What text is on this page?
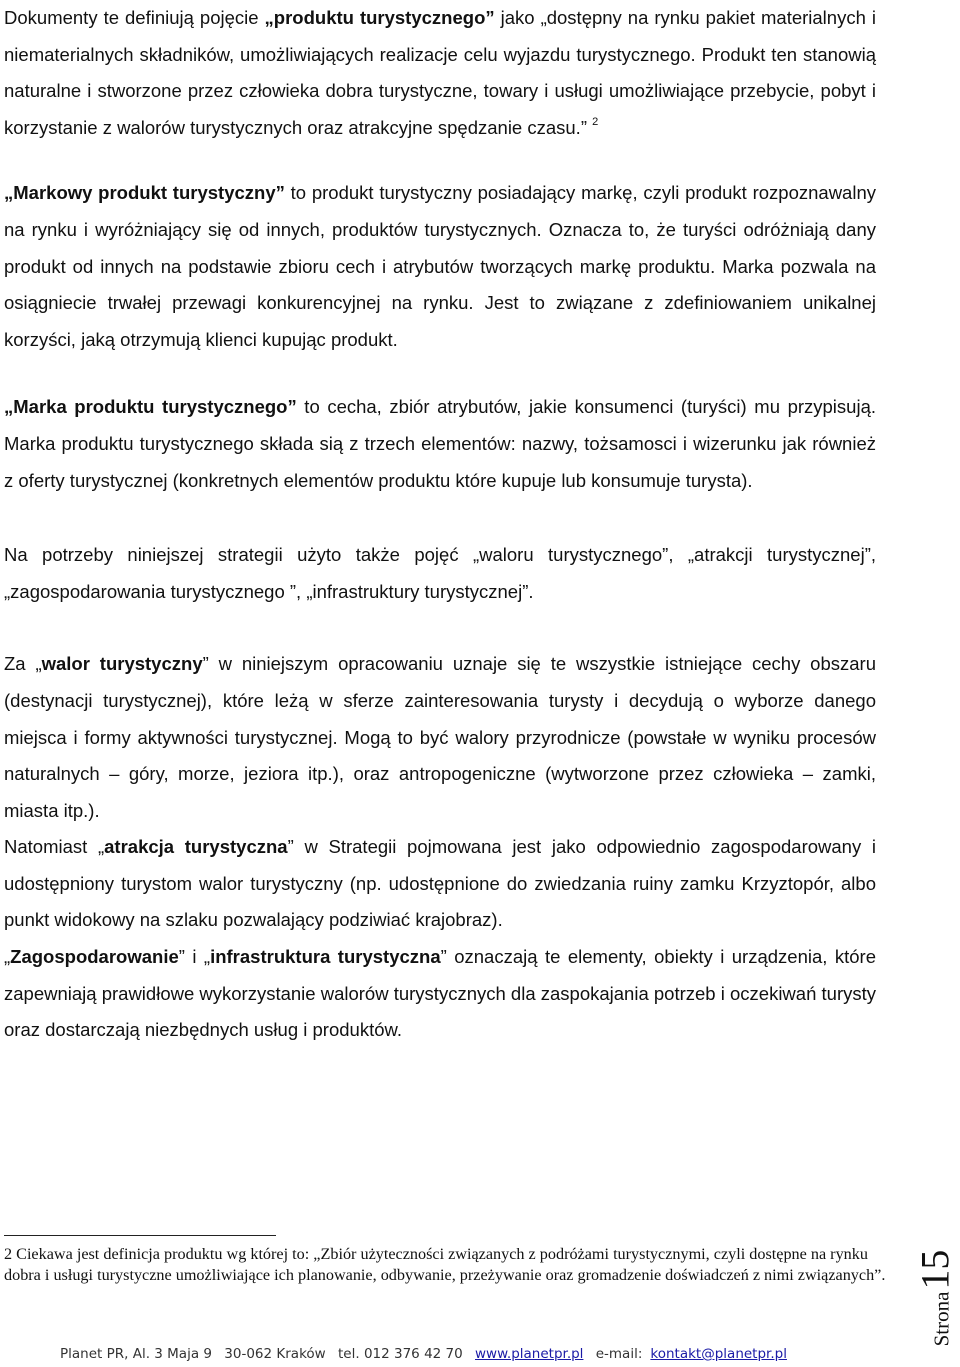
Dokumenty te definiują pojęcie „produktu turystycznego” jako „dostępny na rynku pakiet materialnych i niematerialnych składników, umożliwiających realizacje celu wyjazdu turystycznego. Produkt ten stanowią naturalne i stworzone przez człowieka dobra turystyczne, towary i usługi umożliwiające przebycie, pobyt i korzystanie z walorów turystycznych oraz atrakcyjne spędzanie czasu.” $^2$

„Markowy produkt turystyczny” to produkt turystyczny posiadający markę, czyli produkt rozpoznawalny na rynku i wyróżniający się od innych, produktów turystycznych. Oznacza to, że turyści odróżniają dany produkt od innych na podstawie zbioru cech i atrybutów tworzących markę produktu. Marka pozwala na osiągniecie trwałej przewagi konkurencyjnej na rynku. Jest to związane z zdefiniowaniem unikalnej korzyści, jaką otrzymują klienci kupując produkt.

„Marka produktu turystycznego” to cecha, zbiór atrybutów, jakie konsumenci (turyści) mu przypisują. Marka produktu turystycznego składa sią z trzech elementów: nazwy, tożsamosci i wizerunku jak również z oferty turystycznej (konkretnych elementów produktu które kupuje lub konsumuje turysta).

Na potrzeby niniejszej strategii użyto także pojęć „waloru turystycznego”, „atrakcji turystycznej”, „zagospodarowania turystycznego ”, „infrastruktury turystycznej”.

Za „walor turystyczny” w niniejszym opracowaniu uznaje się te wszystkie istniejące cechy obszaru (destynacji turystycznej), które leżą w sferze zainteresowania turysty i decydują o wyborze danego miejsca i formy aktywności turystycznej. Mogą to być walory przyrodnicze (powstałe w wyniku procesów naturalnych – góry, morze, jeziora itp.), oraz antropogeniczne (wytworzone przez człowieka – zamki, miasta itp.).

Natomiast „atrakcja turystyczna” w Strategii pojmowana jest jako odpowiednio zagospodarowany i udostępniony turystom walor turystyczny (np. udostępnione do zwiedzania ruiny zamku Krzyztopór, albo punkt widokowy na szlaku pozwalający podziwiać krajobraz).

„Zagospodarowanie” i „infrastruktura turystyczna” oznaczają te elementy, obiekty i urządzenia, które zapewniają prawidłowe wykorzystanie walorów turystycznych dla zaspokajania potrzeb i oczekiwań turysty oraz dostarczają niezbędnych usług i produktów.

2 Ciekawa jest definicja produktu wg której to: „Zbiór użyteczności związanych z podróżami turystycznymi, czyli dostępne na rynku dobra i usługi turystyczne umożliwiające ich planowanie, odbywanie, przeżywanie oraz gromadzenie doświadczeń z nimi związanych”.
Planet PR, Al. 3 Maja 9 30-062 Kraków tel. 012 376 42 70 www.planetpr.pl e-mail: kontakt@planetpr.pl
Strona15
